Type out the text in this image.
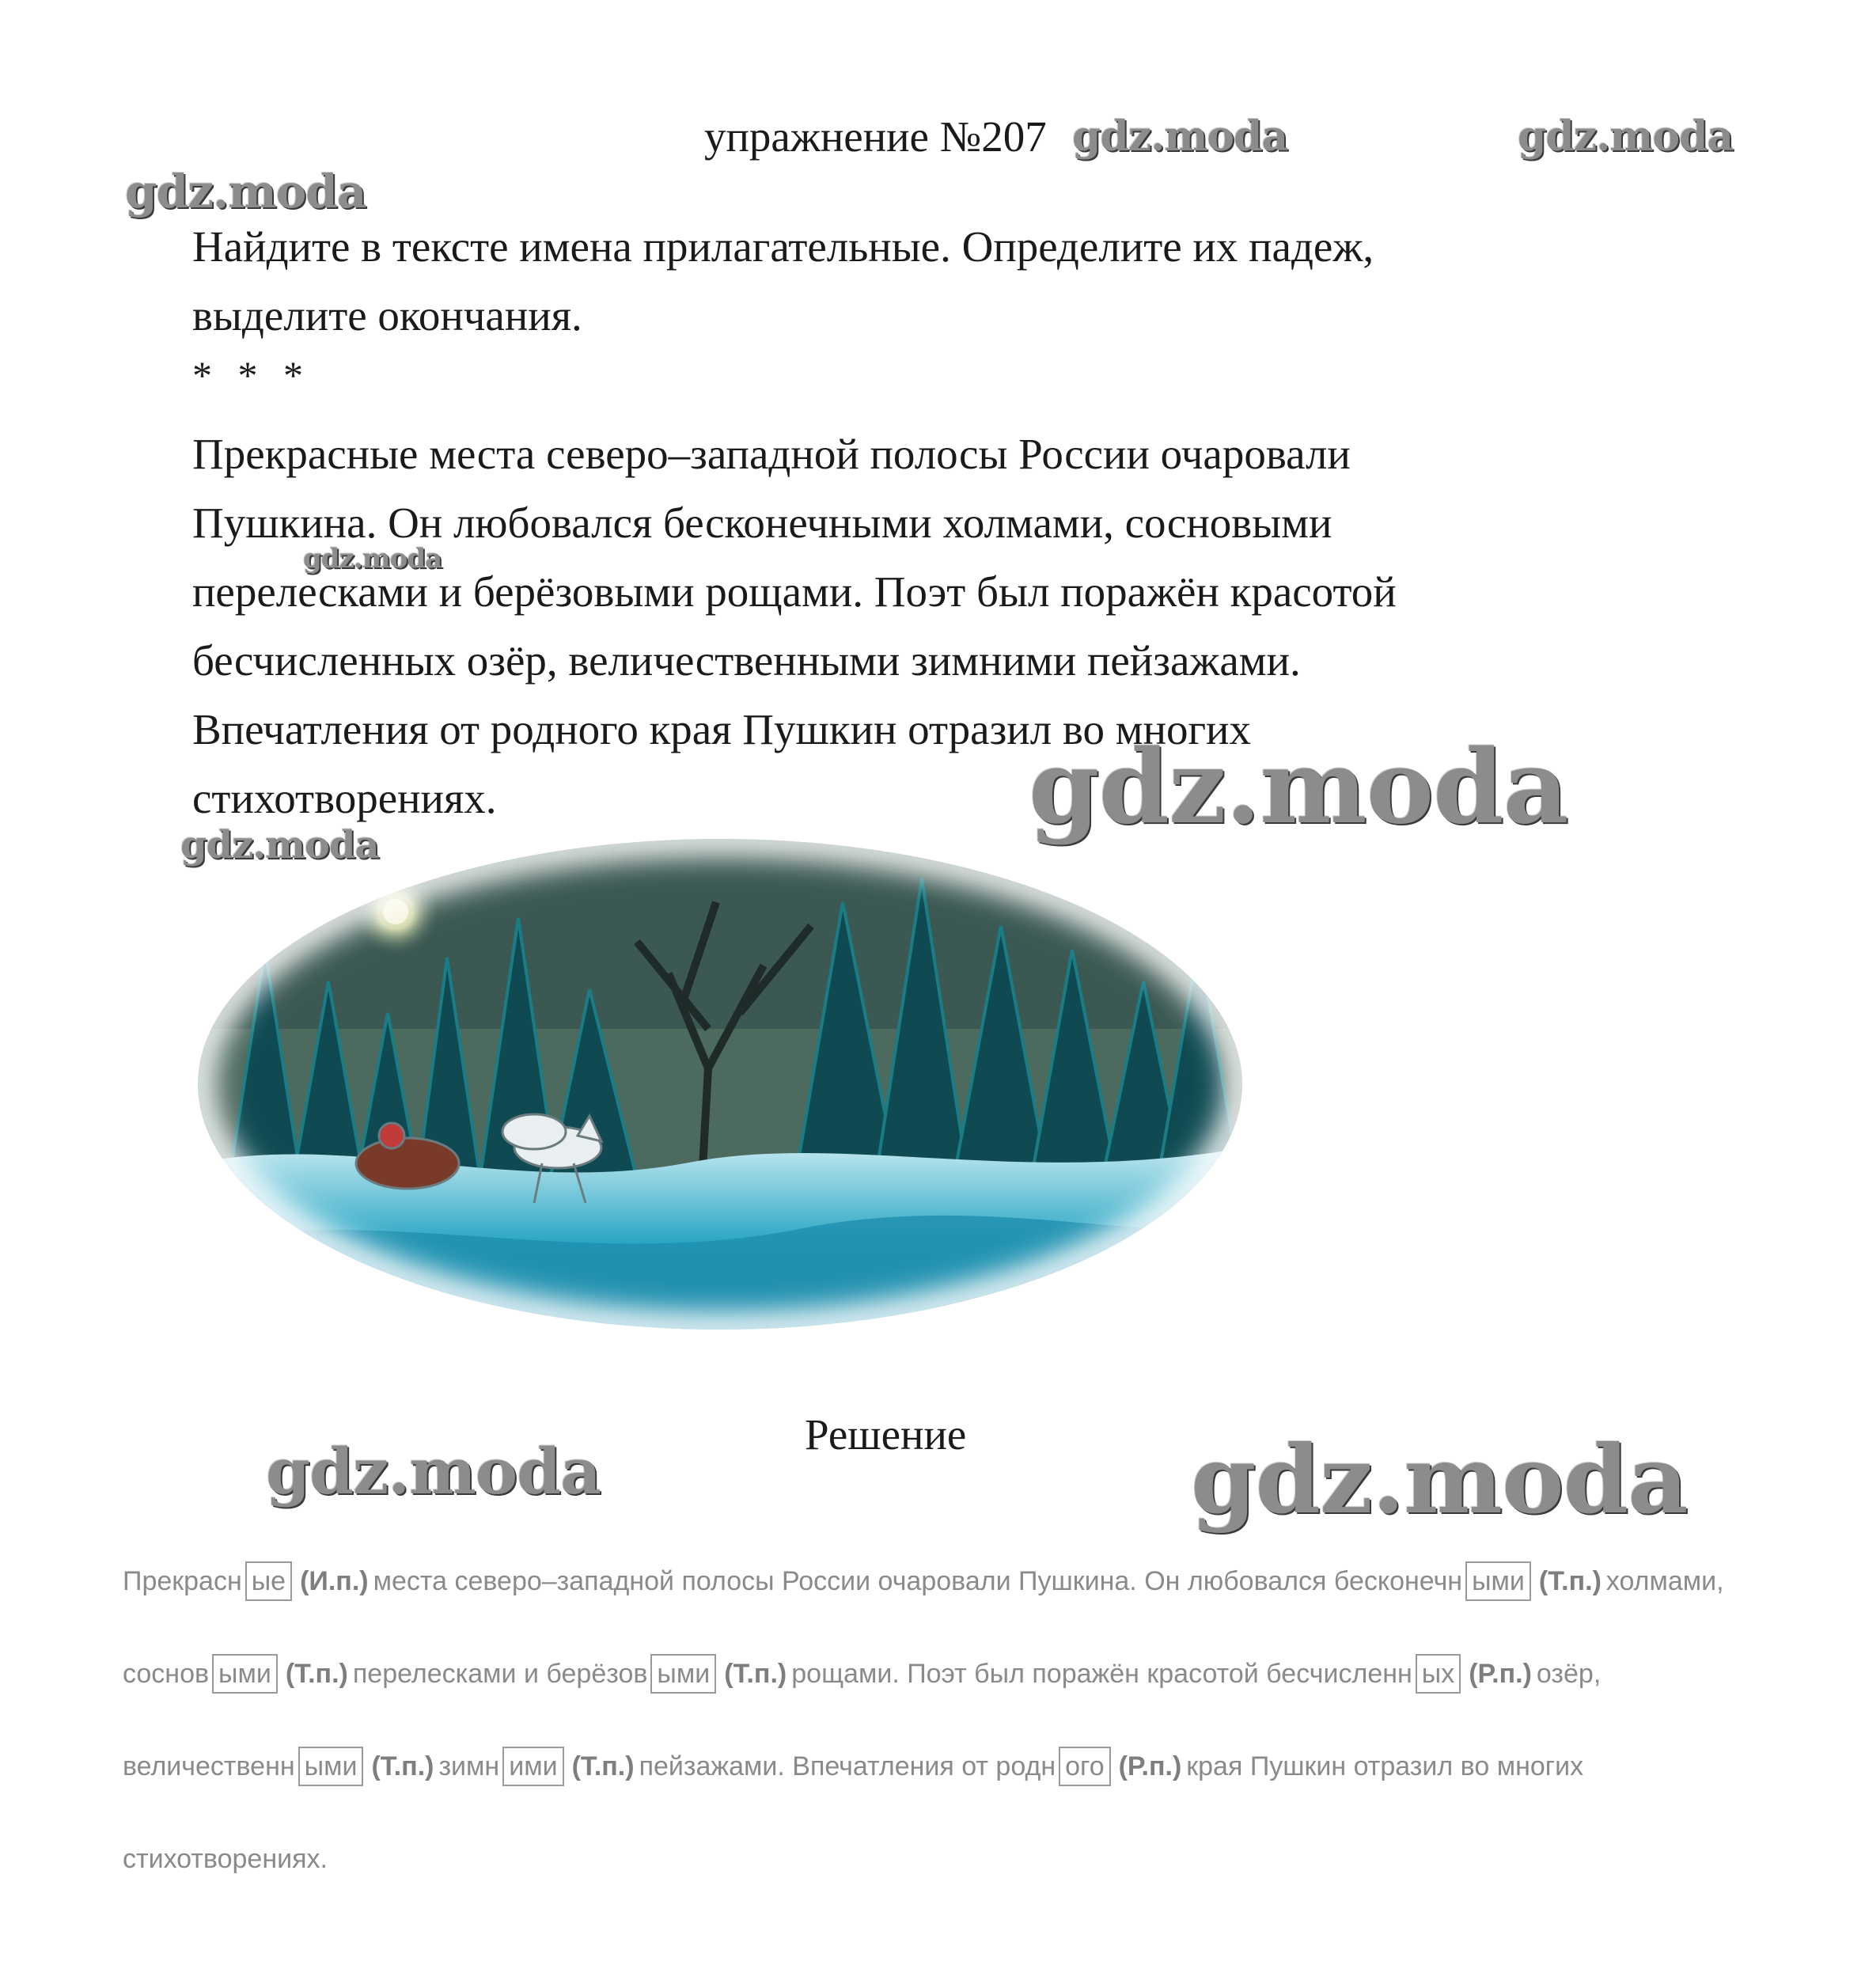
упражнение №207 gdz.moda	gdz.moda
gdz.moda
gdz.moda
gdz.moda
gdz.moda
gdz.moda	gdz.moda

Найдите в тексте имена прилагательные. Определите их падеж,

выделите окончания.

* * *

Прекрасные места северо–западной полосы России очаровали

Пушкина. Он любовался бесконечными холмами, сосновыми

перелесками и берёзовыми рощами. Поэт был поражён красотой

бесчисленных озёр, величественными зимними пейзажами.

Впечатления от родного края Пушкин отразил во многих

стихотворениях.

Решение
Прекрасн ые (И.п.) места северо–западной полосы России очаровали Пушкина. Он любовался бесконечн ыми (Т.п.) холмами, соснов ыми (Т.п.) перелесками и берёзов ыми (Т.п.) рощами. Поэт был поражён красотой бесчисленн ых (Р.п.) озёр, величественн ыми (Т.п.) зимн ими (Т.п.) пейзажами. Впечатления от родн ого (Р.п.) края Пушкин отразил во многих стихотворениях.
